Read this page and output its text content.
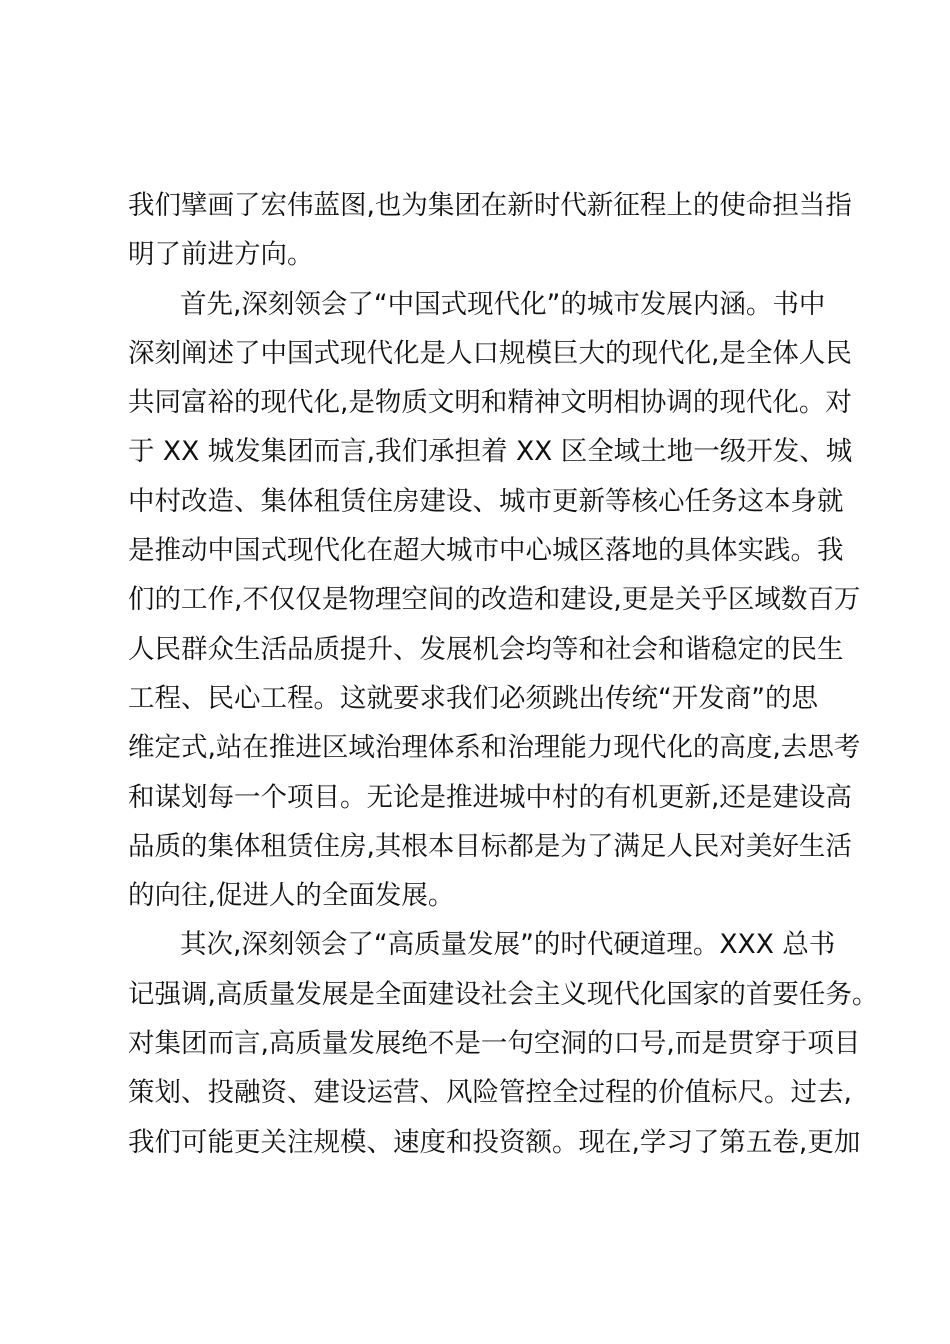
我们擘画了宏伟蓝图,也为集团在新时代新征程上的使命担当指
明了前进方向。
首先,深刻领会了“中国式现代化”的城市发展内涵。书中
深刻阐述了中国式现代化是人口规模巨大的现代化,是全体人民
共同富裕的现代化,是物质文明和精神文明相协调的现代化。对
于 XX 城发集团而言,我们承担着 XX 区全域土地一级开发、城
中村改造、集体租赁住房建设、城市更新等核心任务这本身就
是推动中国式现代化在超大城市中心城区落地的具体实践。我
们的工作,不仅仅是物理空间的改造和建设,更是关乎区域数百万
人民群众生活品质提升、发展机会均等和社会和谐稳定的民生
工程、民心工程。这就要求我们必须跳出传统“开发商”的思
维定式,站在推进区域治理体系和治理能力现代化的高度,去思考
和谋划每一个项目。无论是推进城中村的有机更新,还是建设高
品质的集体租赁住房,其根本目标都是为了满足人民对美好生活
的向往,促进人的全面发展。
其次,深刻领会了“高质量发展”的时代硬道理。XXX 总书
记强调,高质量发展是全面建设社会主义现代化国家的首要任务。
对集团而言,高质量发展绝不是一句空洞的口号,而是贯穿于项目
策划、投融资、建设运营、风险管控全过程的价值标尺。过去,
我们可能更关注规模、速度和投资额。现在,学习了第五卷,更加
